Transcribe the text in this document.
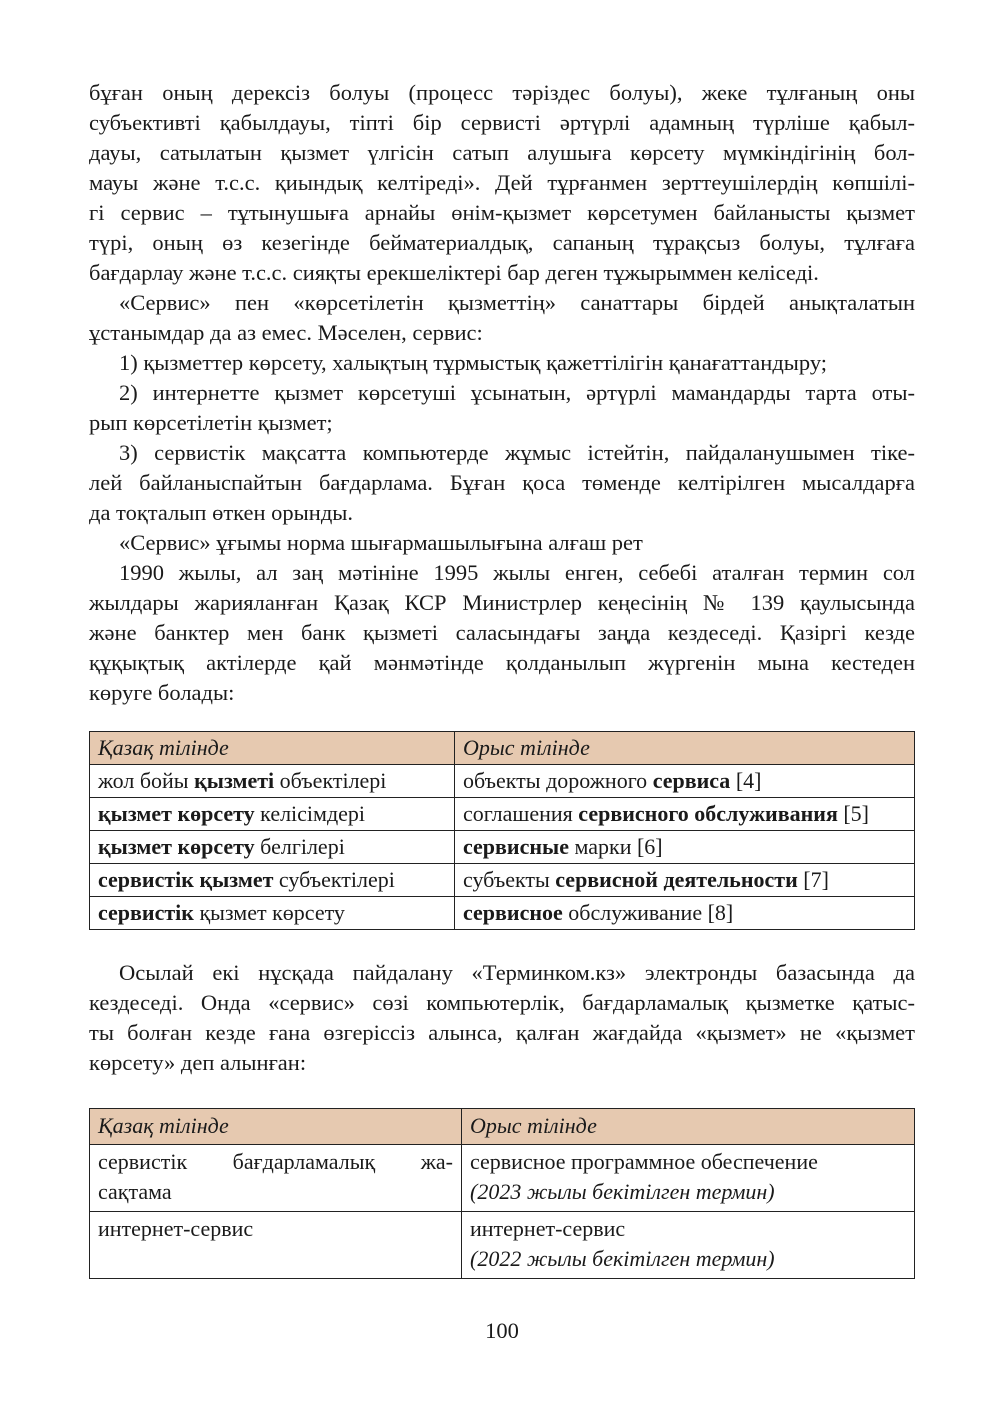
бұған оның дерексіз болуы (процесс тәріздес болуы), жеке тұлғаның оны
субъективті қабылдауы, тіпті бір сервисті әртүрлі адамның түрліше қабыл-
дауы, сатылатын қызмет үлгісін сатып алушыға көрсету мүмкіндігінің бол-
мауы және т.с.с. қиындық келтіреді». Дей тұрғанмен зерттеушілердің көпшілі-
гі сервис – тұтынушыға арнайы өнім-қызмет көрсетумен байланысты қызмет
түрі, оның өз кезегінде бейматериалдық, сапаның тұрақсыз болуы, тұлғаға
бағдарлау және т.с.с. сияқты ерекшеліктері бар деген тұжырыммен келіседі.

«Сервис» пен «көрсетілетін қызметтің» санаттары бірдей анықталатын
ұстанымдар да аз емес. Мәселен, сервис:

1) қызметтер көрсету, халықтың тұрмыстық қажеттілігін қанағаттандыру;

2) интернетте қызмет көрсетуші ұсынатын, әртүрлі мамандарды тарта оты-
рып көрсетілетін қызмет;

3) сервистік мақсатта компьютерде жұмыс істейтін, пайдаланушымен тіке-
лей байланыспайтын бағдарлама. Бұған қоса төменде келтірілген мысалдарға
да тоқталып өткен орынды.

«Сервис» ұғымы норма шығармашылығына алғаш рет

1990 жылы, ал заң мәтініне 1995 жылы енген, себебі аталған термин сол
жылдары жарияланған Қазақ КСР Министрлер кеңесінің № 139 қаулысында
және банктер мен банк қызметі саласындағы заңда кездеседі. Қазіргі кезде
құқықтық актілерде қай мәнмәтінде қолданылып жүргенін мына кестеден
көруге болады:

Қазақ тілінде	Орыс тілінде
жол бойы қызметі объектілері	объекты дорожного сервиса [4]
қызмет көрсету келісімдері	соглашения сервисного обслуживания [5]
қызмет көрсету белгілері	сервисные марки [6]
сервистік қызмет субъектілері	субъекты сервисной деятельности [7]
сервистік қызмет көрсету	сервисное обслуживание [8]

Осылай екі нұсқада пайдалану «Терминком.кз» электронды базасында да
кездеседі. Онда «сервис» сөзі компьютерлік, бағдарламалық қызметке қатыс-
ты болған кезде ғана өзгеріссіз алынса, қалған жағдайда «қызмет» не «қызмет
көрсету» деп алынған:

Қазақ тілінде	Орыс тілінде

сервистік бағдарламалық жа-
сақтама	сервисное программное обеспечение
(2023 жылы бекітілген термин)

интернет-сервис	интернет-сервис
(2022 жылы бекітілген термин)
100
